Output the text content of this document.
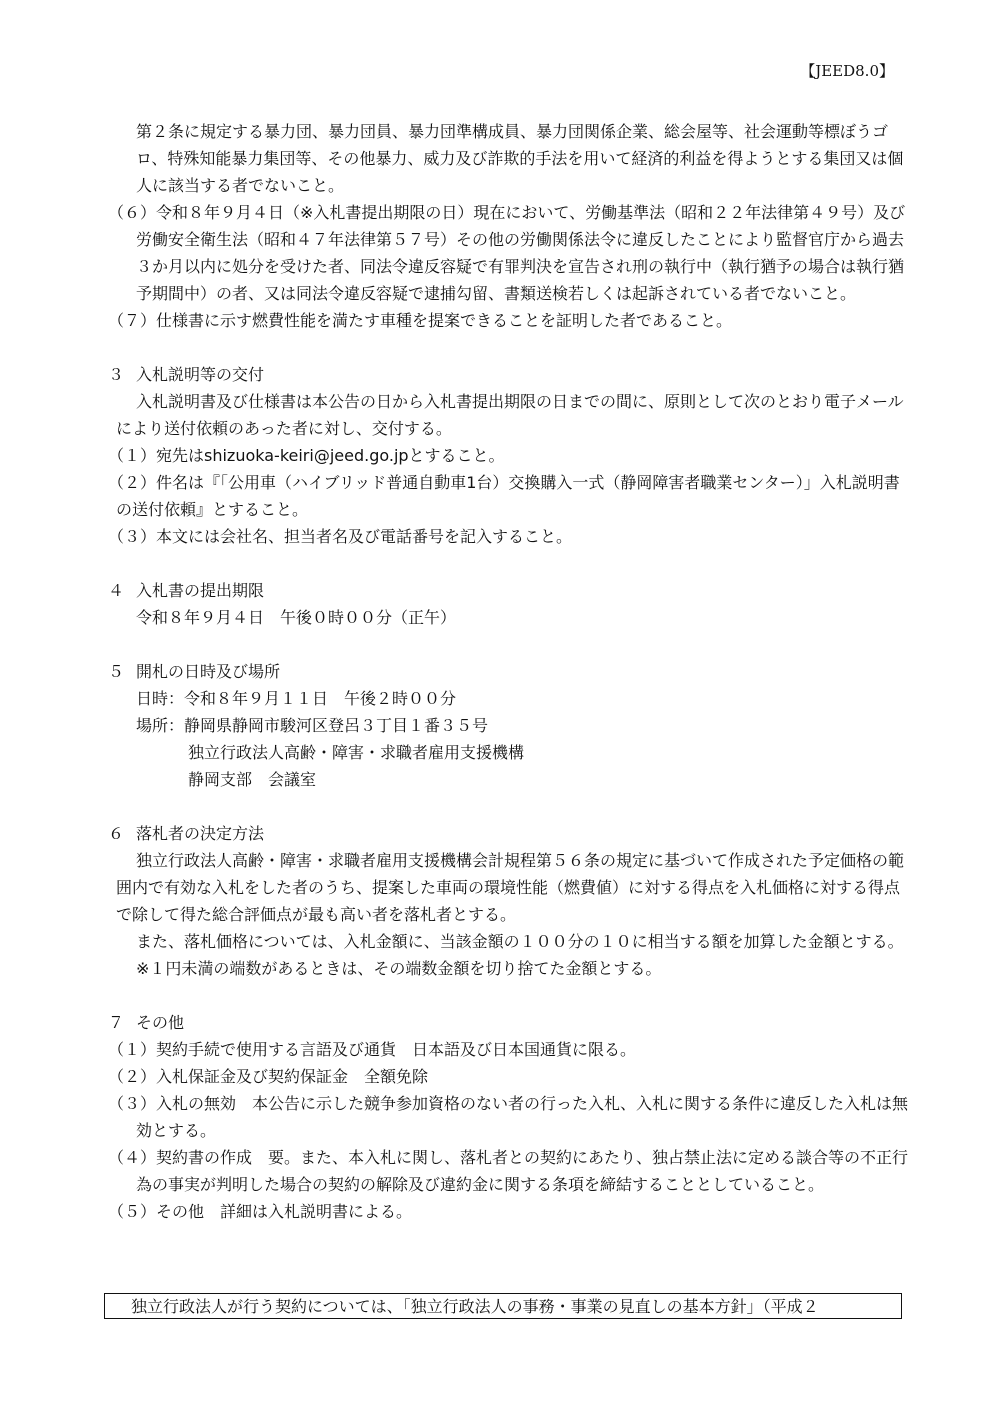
【JEED8.0】

第２条に規定する暴力団、暴力団員、暴力団準構成員、暴力団関係企業、総会屋等、社会運動等標ぼうゴロ、特殊知能暴力集団等、その他暴力、威力及び詐欺的手法を用いて経済的利益を得ようとする集団又は個人に該当する者でないこと。

（６）令和８年９月４日（※入札書提出期限の日）現在において、労働基準法（昭和２２年法律第４９号）及び労働安全衛生法（昭和４７年法律第５７号）その他の労働関係法令に違反したことにより監督官庁から過去３か月以内に処分を受けた者、同法令違反容疑で有罪判決を宣告され刑の執行中（執行猶予の場合は執行猶予期間中）の者、又は同法令違反容疑で逮捕勾留、書類送検若しくは起訴されている者でないこと。

（７）仕様書に示す燃費性能を満たす車種を提案できることを証明した者であること。

３ 入札説明等の交付

入札説明書及び仕様書は本公告の日から入札書提出期限の日までの間に、原則として次のとおり電子メールにより送付依頼のあった者に対し、交付する。

（１）宛先はshizuoka-keiri@jeed.go.jpとすること。

（２）件名は『「公用車（ハイブリッド普通自動車1台）交換購入一式（静岡障害者職業センター）」入札説明書の送付依頼』とすること。

（３）本文には会社名、担当者名及び電話番号を記入すること。

４ 入札書の提出期限

令和８年９月４日　午後０時００分（正午）

５ 開札の日時及び場所

日時：令和８年９月１１日　午後２時００分

場所：静岡県静岡市駿河区登呂３丁目１番３５号

独立行政法人高齢・障害・求職者雇用支援機構

静岡支部　会議室

６ 落札者の決定方法

独立行政法人高齢・障害・求職者雇用支援機構会計規程第５６条の規定に基づいて作成された予定価格の範囲内で有効な入札をした者のうち、提案した車両の環境性能（燃費値）に対する得点を入札価格に対する得点で除して得た総合評価点が最も高い者を落札者とする。

また、落札価格については、入札金額に、当該金額の１００分の１０に相当する額を加算した金額とする。

※１円未満の端数があるときは、その端数金額を切り捨てた金額とする。

７ その他

（１）契約手続で使用する言語及び通貨　日本語及び日本国通貨に限る。

（２）入札保証金及び契約保証金　全額免除

（３）入札の無効　本公告に示した競争参加資格のない者の行った入札、入札に関する条件に違反した入札は無効とする。

（４）契約書の作成　要。また、本入札に関し、落札者との契約にあたり、独占禁止法に定める談合等の不正行為の事実が判明した場合の契約の解除及び違約金に関する条項を締結することとしていること。

（５）その他　詳細は入札説明書による。

独立行政法人が行う契約については、「独立行政法人の事務・事業の見直しの基本方針」（平成２
